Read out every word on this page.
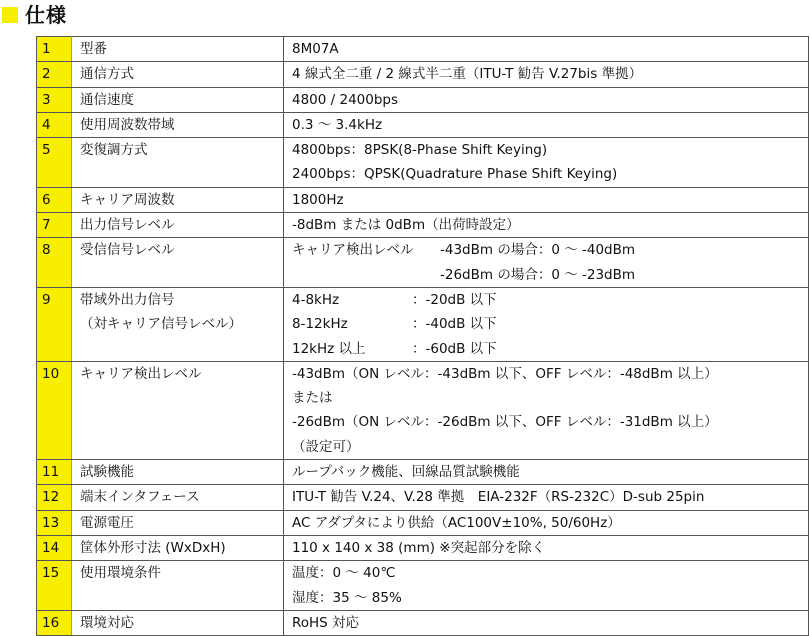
仕様
1	型番	8M07A

2	通信方式	4 線式全二重 / 2 線式半二重（ITU-T 勧告 V.27bis 準拠）

3	通信速度	4800 / 2400bps

4	使用周波数帯域	0.3 ～ 3.4kHz

5	変復調方式	4800bps：8PSK(8-Phase Shift Keying)
2400bps：QPSK(Quadrature Phase Shift Keying)

6	キャリア周波数	1800Hz

7	出力信号レベル	-8dBm または 0dBm（出荷時設定）

8	受信信号レベル	キャリア検出レベル -43dBm の場合：0 ～ -40dBm
-26dBm の場合：0 ～ -23dBm

9	帯域外出力信号
（対キャリア信号レベル）	4-8kHz ：-20dB 以下
8-12kHz ：-40dB 以下
12kHz 以上 ：-60dB 以下

10	キャリア検出レベル	-43dBm（ON レベル：-43dBm 以下、OFF レベル：-48dBm 以上）
または
-26dBm（ON レベル：-26dBm 以下、OFF レベル：-31dBm 以上）
（設定可）

11	試験機能	ループバック機能、回線品質試験機能

12	端末インタフェース	ITU-T 勧告 V.24、V.28 準拠　EIA-232F（RS-232C）D-sub 25pin

13	電源電圧	AC アダプタにより供給（AC100V±10%, 50/60Hz）

14	筐体外形寸法 (WxDxH)	110 x 140 x 38 (mm) ※突起部分を除く

15	使用環境条件	温度：0 ～ 40℃
湿度：35 ～ 85%

16	環境対応	RoHS 対応
